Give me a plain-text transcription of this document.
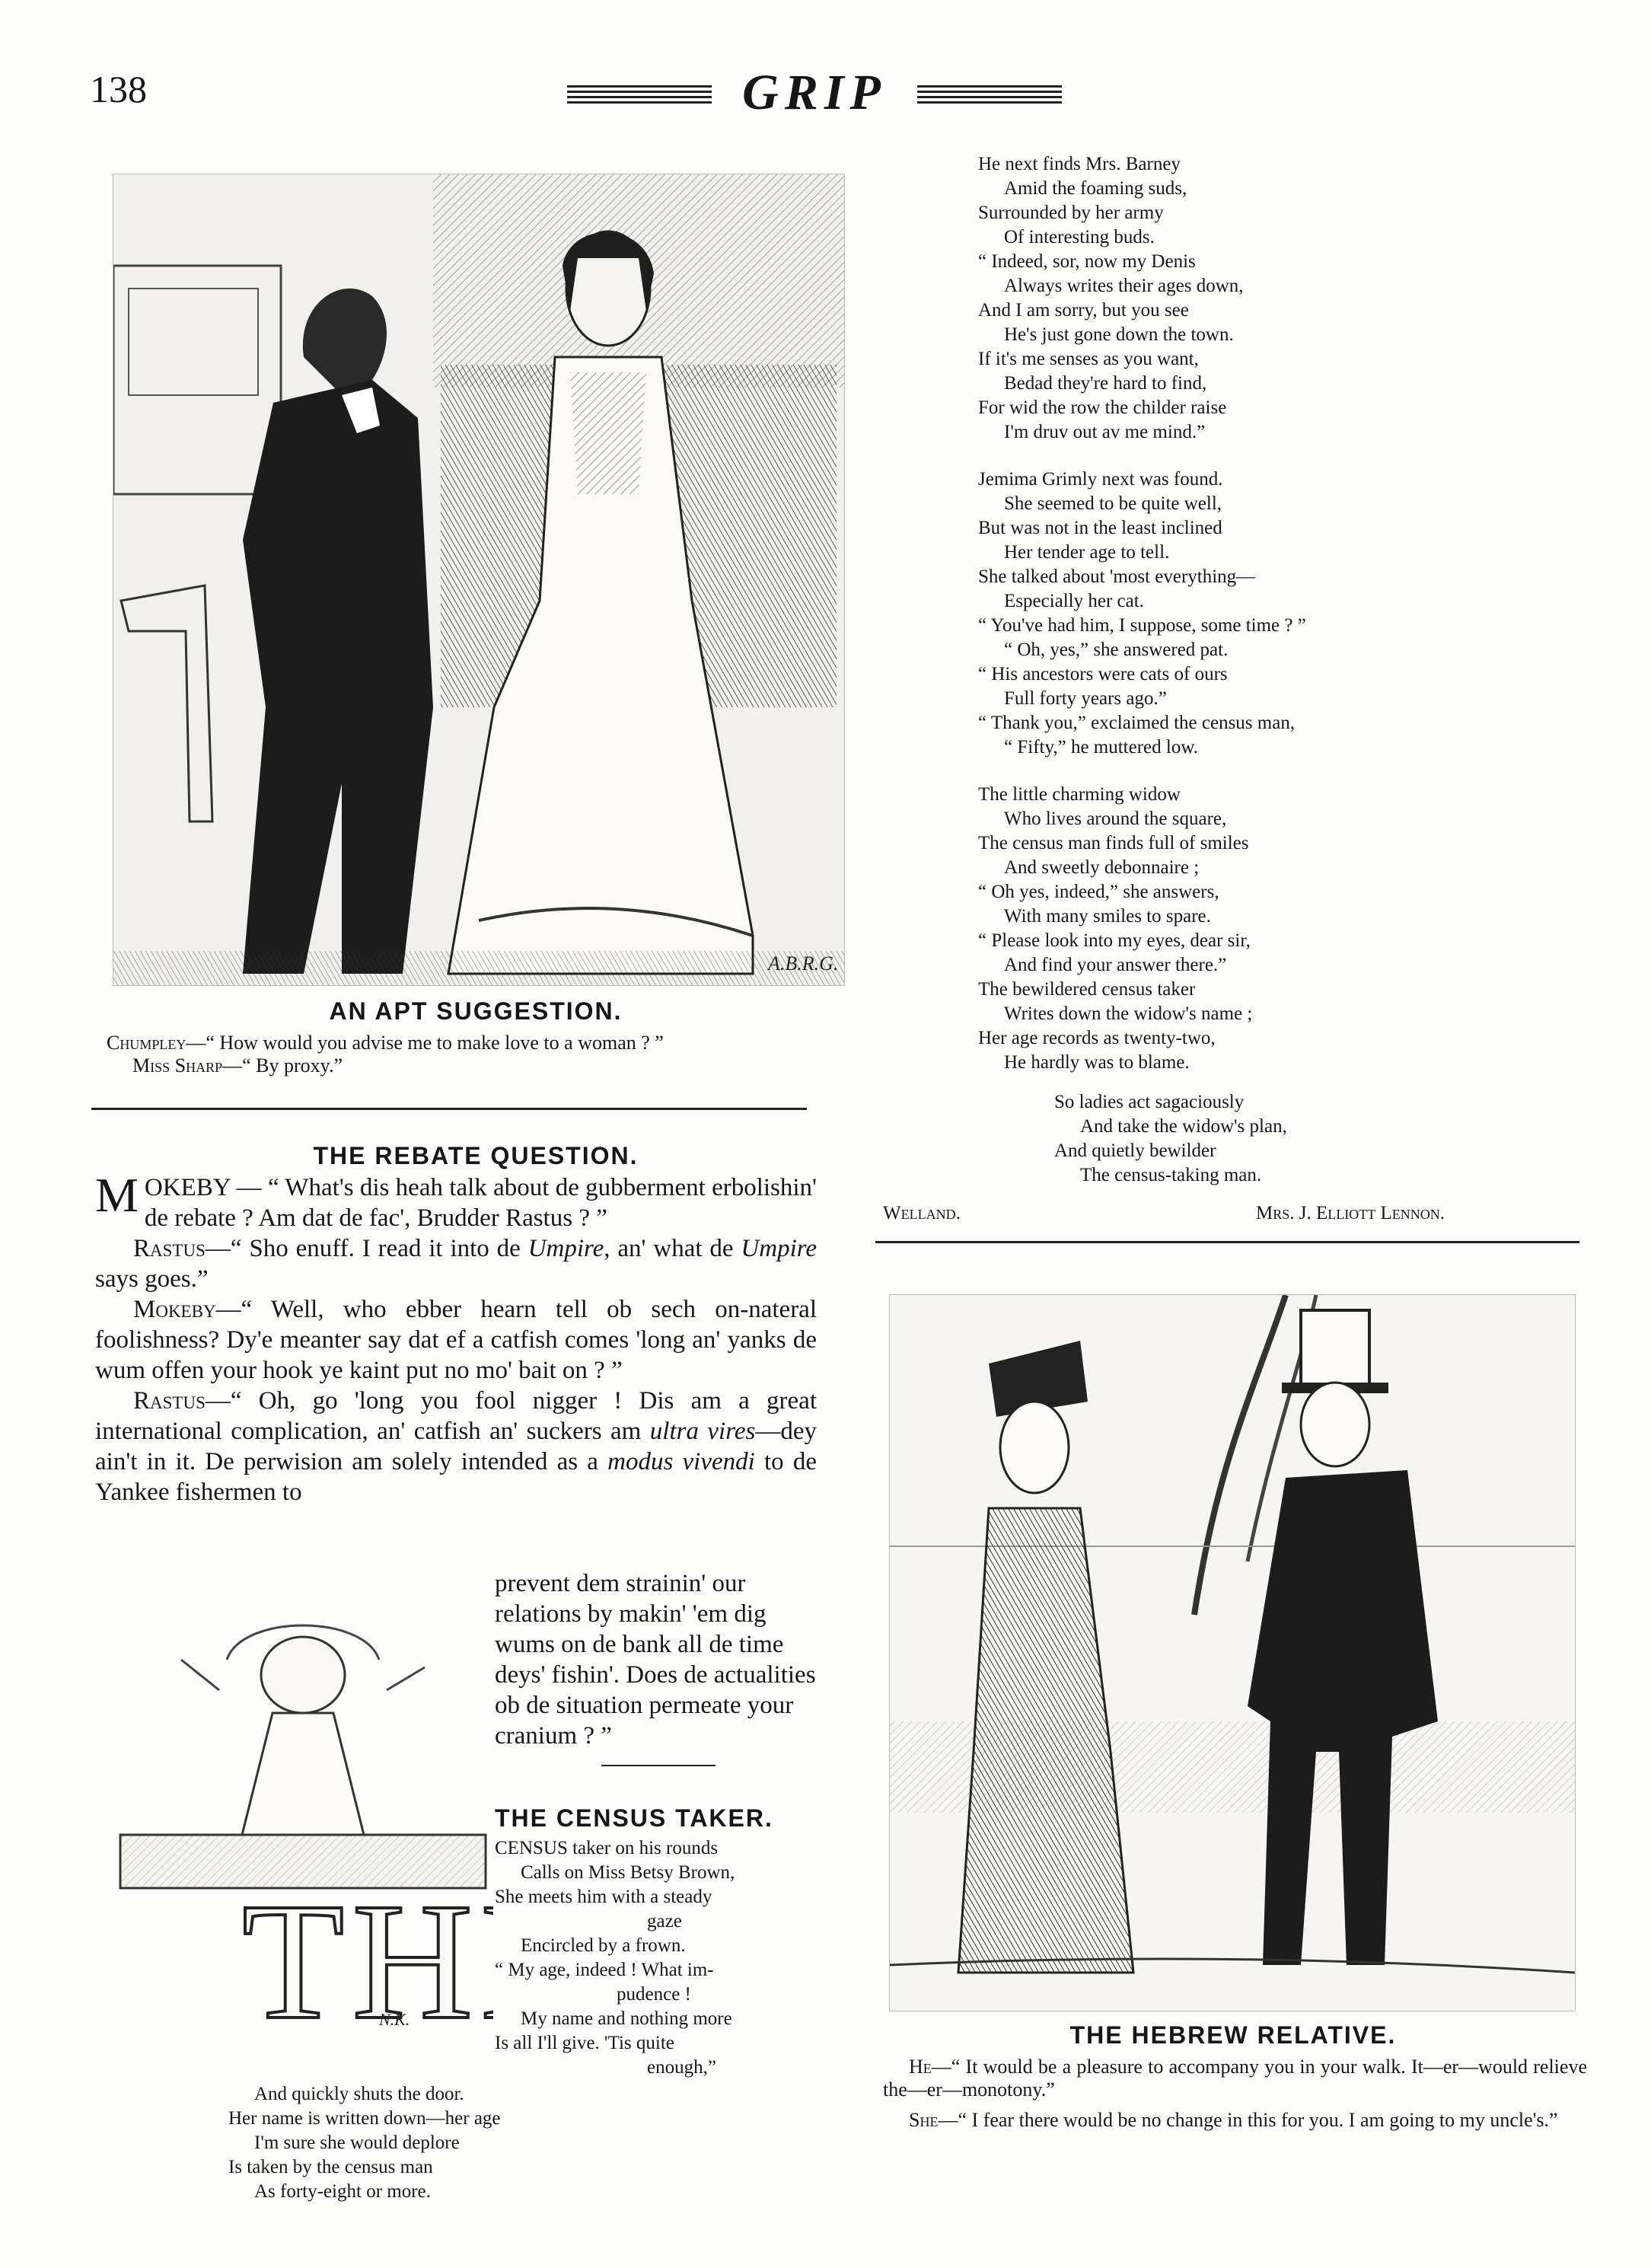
138	GRIP
A.B.R.G.
AN APT SUGGESTION.

Chumpley—“ How would you advise me to make love to a woman ? ”

Miss Sharp—“ By proxy.”

THE REBATE QUESTION.

MOKEBY — “ What's dis heah talk about de gubberment erbolishin' de rebate ? Am dat de fac', Brudder Rastus ? ”

Rastus—“ Sho enuff. I read it into de Umpire, an' what de Umpire says goes.”

Mokeby—“ Well, who ebber hearn tell ob sech on-nateral foolishness? Dy'e meanter say dat ef a catfish comes 'long an' yanks de wum offen your hook ye kaint put no mo' bait on ? ”

Rastus—“ Oh, go 'long you fool nigger ! Dis am a great international complication, an' catfish an' suckers am ultra vires—dey ain't in it. De perwision am solely intended as a modus vivendi to de Yankee fishermen to

prevent dem strainin' our relations by makin' 'em dig wums on de bank all de time deys' fishin'. Does de actualities ob de situation permeate your cranium ? ”
TH
N.K.
THE CENSUS TAKER.
CENSUS taker on his rounds
Calls on Miss Betsy Brown,
She meets him with a steady
gaze
Encircled by a frown.
“ My age, indeed ! What im-
pudence !
My name and nothing more
Is all I'll give. 'Tis quite
enough,”
And quickly shuts the door.
Her name is written down—her age
I'm sure she would deplore
Is taken by the census man
As forty-eight or more.
He next finds Mrs. Barney
Amid the foaming suds,
Surrounded by her army
Of interesting buds.
“ Indeed, sor, now my Denis
Always writes their ages down,
And I am sorry, but you see
He's just gone down the town.
If it's me senses as you want,
Bedad they're hard to find,
For wid the row the childer raise
I'm druv out av me mind.”
Jemima Grimly next was found.
She seemed to be quite well,
But was not in the least inclined
Her tender age to tell.
She talked about 'most everything—
Especially her cat.
“ You've had him, I suppose, some time ? ”
“ Oh, yes,” she answered pat.
“ His ancestors were cats of ours
Full forty years ago.”
“ Thank you,” exclaimed the census man,
“ Fifty,” he muttered low.
The little charming widow
Who lives around the square,
The census man finds full of smiles
And sweetly debonnaire ;
“ Oh yes, indeed,” she answers,
With many smiles to spare.
“ Please look into my eyes, dear sir,
And find your answer there.”
The bewildered census taker
Writes down the widow's name ;
Her age records as twenty-two,
He hardly was to blame.
So ladies act sagaciously
And take the widow's plan,
And quietly bewilder
The census-taking man.
Welland.	Mrs. J. Elliott Lennon.
THE HEBREW RELATIVE.

He—“ It would be a pleasure to accompany you in your walk. It—er—would relieve the—er—monotony.”

She—“ I fear there would be no change in this for you. I am going to my uncle's.”
